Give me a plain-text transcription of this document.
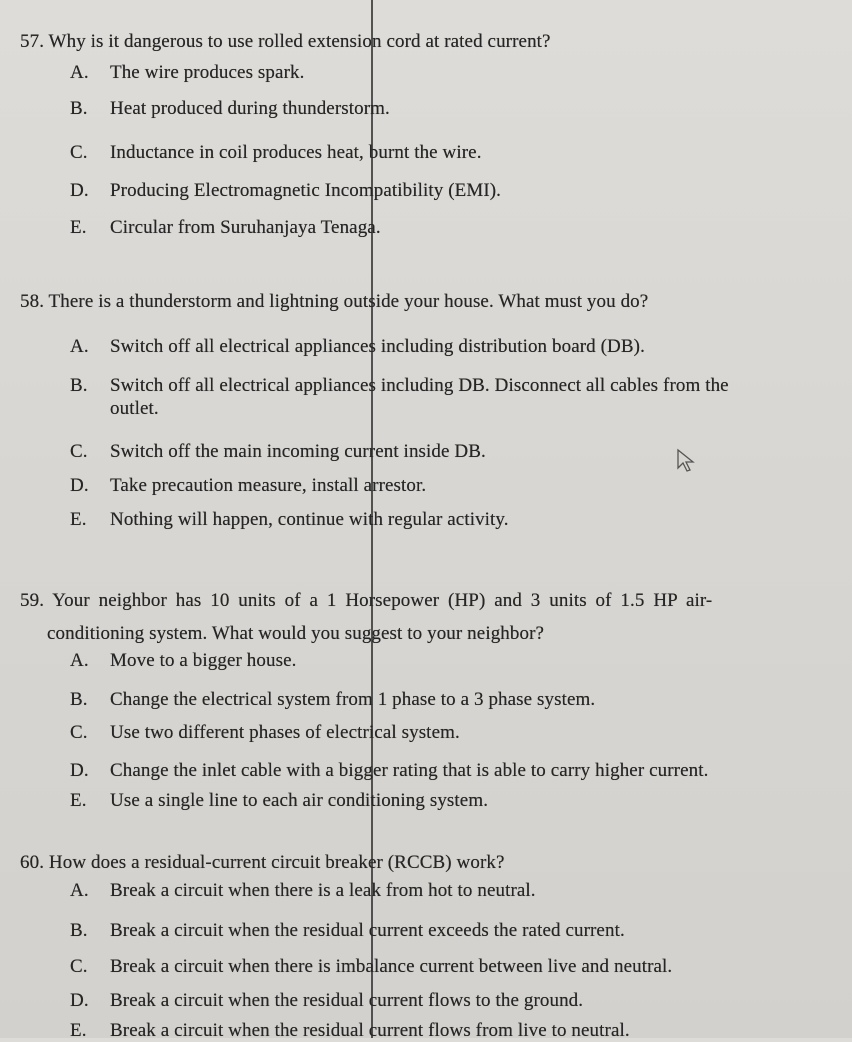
57. Why is it dangerous to use rolled extension cord at rated current?
A. The wire produces spark.
B. Heat produced during thunderstorm.
C. Inductance in coil produces heat, burnt the wire.
D. Producing Electromagnetic Incompatibility (EMI).
E. Circular from Suruhanjaya Tenaga.
58. There is a thunderstorm and lightning outside your house. What must you do?
A. Switch off all electrical appliances including distribution board (DB).
B. Switch off all electrical appliances including DB. Disconnect all cables from the
outlet.
C. Switch off the main incoming current inside DB.
D. Take precaution measure, install arrestor.
E. Nothing will happen, continue with regular activity.
59. Your neighbor has 10 units of a 1 Horsepower (HP) and 3 units of 1.5 HP air-
conditioning system. What would you suggest to your neighbor?
A. Move to a bigger house.
B. Change the electrical system from 1 phase to a 3 phase system.
C. Use two different phases of electrical system.
D. Change the inlet cable with a bigger rating that is able to carry higher current.
E. Use a single line to each air conditioning system.
60. How does a residual-current circuit breaker (RCCB) work?
A. Break a circuit when there is a leak from hot to neutral.
B. Break a circuit when the residual current exceeds the rated current.
C. Break a circuit when there is imbalance current between live and neutral.
D. Break a circuit when the residual current flows to the ground.
E. Break a circuit when the residual current flows from live to neutral.
